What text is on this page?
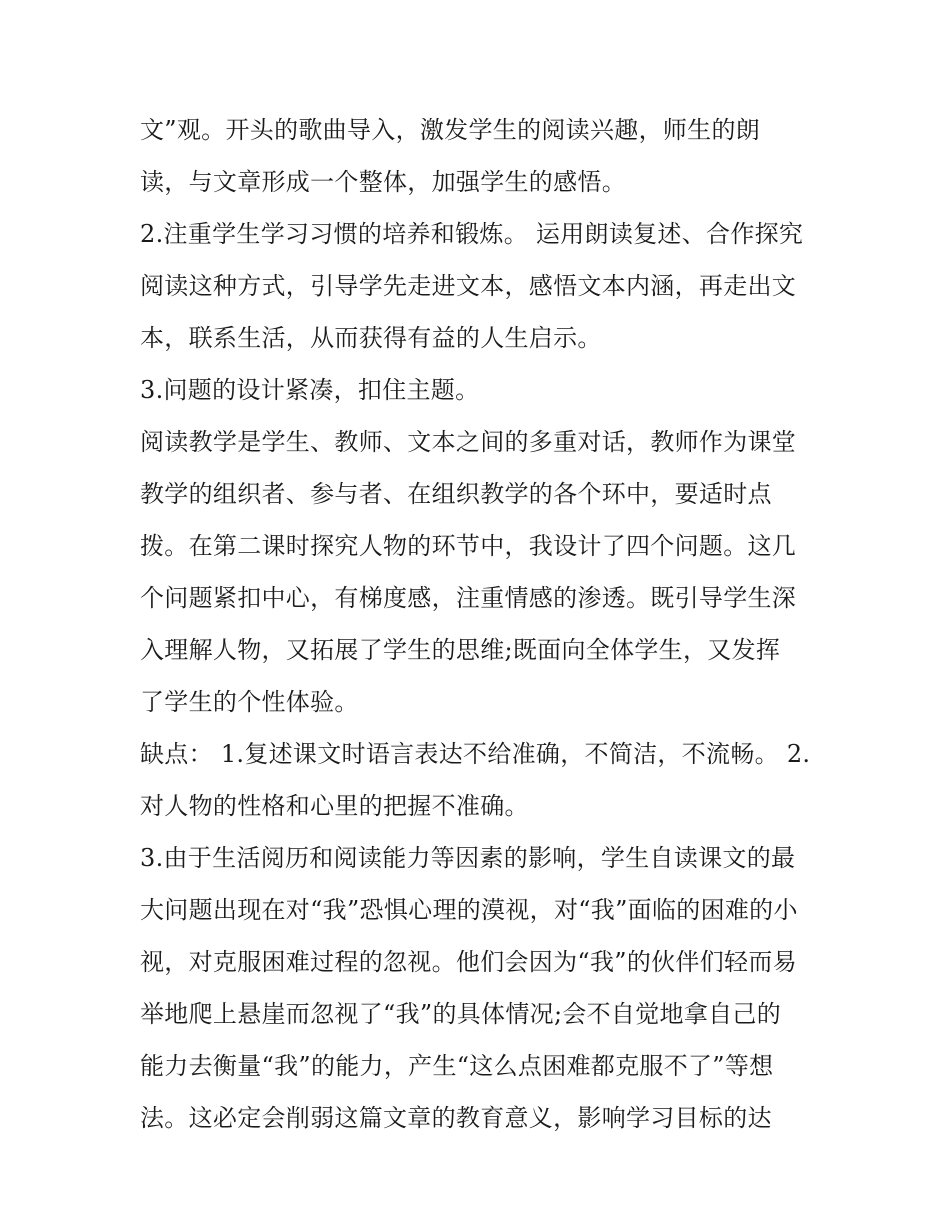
文”观。开头的歌曲导入，激发学生的阅读兴趣，师生的朗
读，与文章形成一个整体，加强学生的感悟。
2.注重学生学习习惯的培养和锻炼。 运用朗读复述、合作探究
阅读这种方式，引导学先走进文本，感悟文本内涵，再走出文
本，联系生活，从而获得有益的人生启示。
3.问题的设计紧凑，扣住主题。
阅读教学是学生、教师、文本之间的多重对话，教师作为课堂
教学的组织者、参与者、在组织教学的各个环中，要适时点
拨。在第二课时探究人物的环节中，我设计了四个问题。这几
个问题紧扣中心，有梯度感，注重情感的渗透。既引导学生深
入理解人物，又拓展了学生的思维;既面向全体学生，又发挥
了学生的个性体验。
缺点： 1.复述课文时语言表达不给准确，不简洁，不流畅。 2.
对人物的性格和心里的把握不准确。
3.由于生活阅历和阅读能力等因素的影响，学生自读课文的最
大问题出现在对“我”恐惧心理的漠视，对“我”面临的困难的小
视，对克服困难过程的忽视。他们会因为“我”的伙伴们轻而易
举地爬上悬崖而忽视了“我”的具体情况;会不自觉地拿自己的
能力去衡量“我”的能力，产生“这么点困难都克服不了”等想
法。这必定会削弱这篇文章的教育意义，影响学习目标的达
